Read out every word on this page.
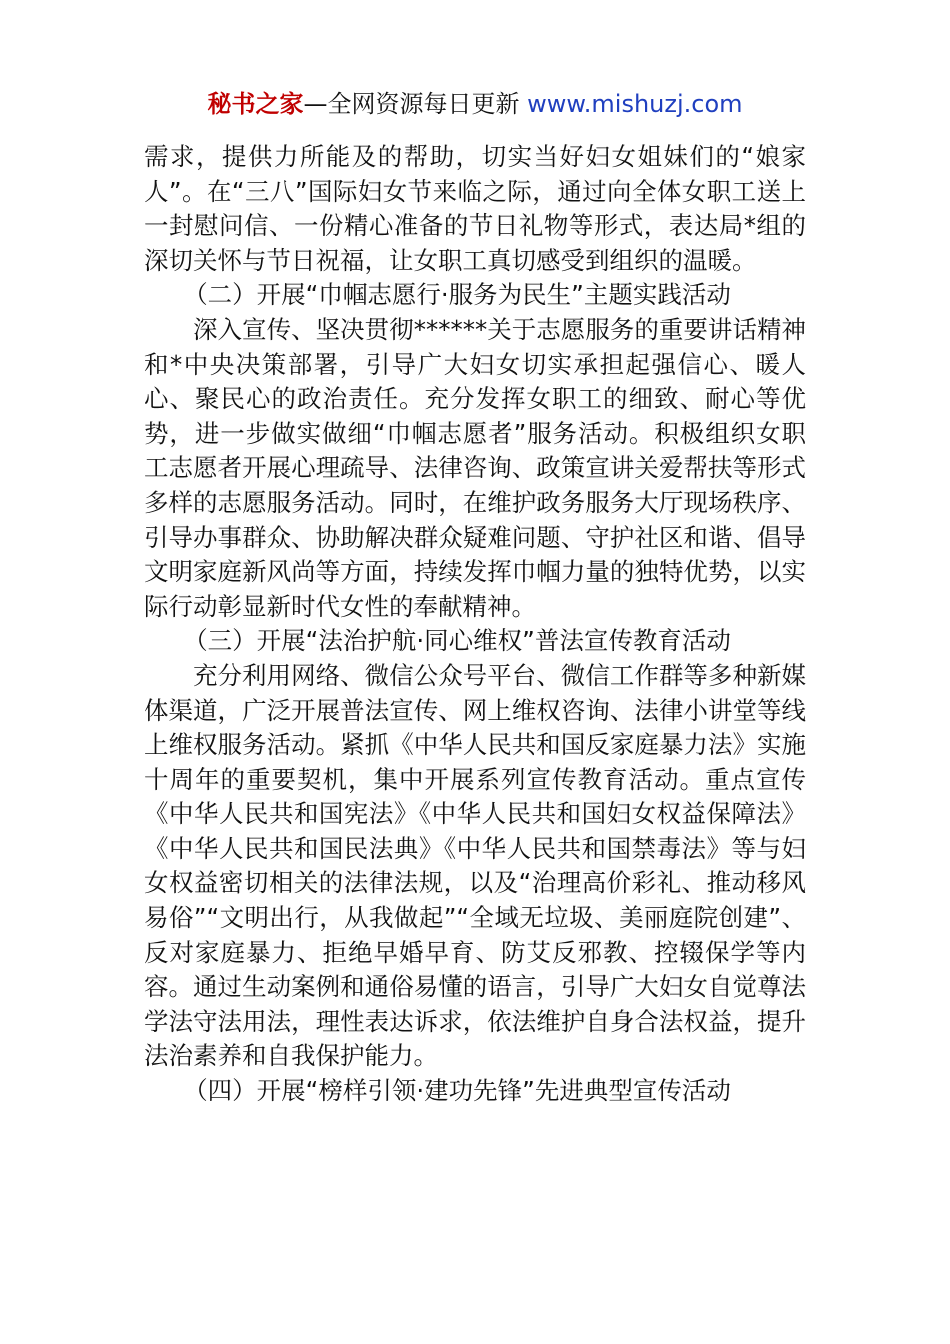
秘书之家—全网资源每日更新 www.mishuzj.com

需求，提供力所能及的帮助，切实当好妇女姐妹们的“娘家人”。在“三八”国际妇女节来临之际，通过向全体女职工送上一封慰问信、一份精心准备的节日礼物等形式，表达局*组的深切关怀与节日祝福，让女职工真切感受到组织的温暖。

（二）开展“巾帼志愿行·服务为民生”主题实践活动

深入宣传、坚决贯彻******关于志愿服务的重要讲话精神和*中央决策部署，引导广大妇女切实承担起强信心、暖人心、聚民心的政治责任。充分发挥女职工的细致、耐心等优势，进一步做实做细“巾帼志愿者”服务活动。积极组织女职工志愿者开展心理疏导、法律咨询、政策宣讲关爱帮扶等形式多样的志愿服务活动。同时，在维护政务服务大厅现场秩序、引导办事群众、协助解决群众疑难问题、守护社区和谐、倡导文明家庭新风尚等方面，持续发挥巾帼力量的独特优势，以实际行动彰显新时代女性的奉献精神。

（三）开展“法治护航·同心维权”普法宣传教育活动

充分利用网络、微信公众号平台、微信工作群等多种新媒体渠道，广泛开展普法宣传、网上维权咨询、法律小讲堂等线上维权服务活动。紧抓《中华人民共和国反家庭暴力法》实施十周年的重要契机，集中开展系列宣传教育活动。重点宣传《中华人民共和国宪法》《中华人民共和国妇女权益保障法》《中华人民共和国民法典》《中华人民共和国禁毒法》等与妇女权益密切相关的法律法规，以及“治理高价彩礼、推动移风易俗”“文明出行，从我做起”“全域无垃圾、美丽庭院创建”、反对家庭暴力、拒绝早婚早育、防艾反邪教、控辍保学等内容。通过生动案例和通俗易懂的语言，引导广大妇女自觉尊法学法守法用法，理性表达诉求，依法维护自身合法权益，提升法治素养和自我保护能力。

（四）开展“榜样引领·建功先锋”先进典型宣传活动
